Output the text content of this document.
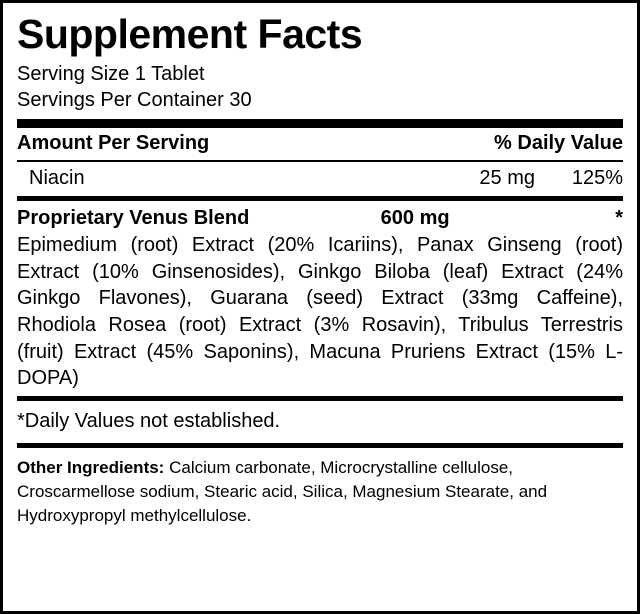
Supplement Facts
Serving Size 1 Tablet
Servings Per Container 30
Amount Per Serving	% Daily Value
Niacin	25 mg	125%
Proprietary Venus Blend	600 mg	*
Epimedium (root) Extract (20% Icariins), Panax Ginseng (root) Extract (10% Ginsenosides), Ginkgo Biloba (leaf) Extract (24% Ginkgo Flavones), Guarana (seed) Extract (33mg Caffeine), Rhodiola Rosea (root) Extract (3% Rosavin), Tribulus Terrestris (fruit) Extract (45% Saponins), Macuna Pruriens Extract (15% L-DOPA)
*Daily Values not established.
Other Ingredients: Calcium carbonate, Microcrystalline cellulose, Croscarmellose sodium, Stearic acid, Silica, Magnesium Stearate, and Hydroxypropyl methylcellulose.
